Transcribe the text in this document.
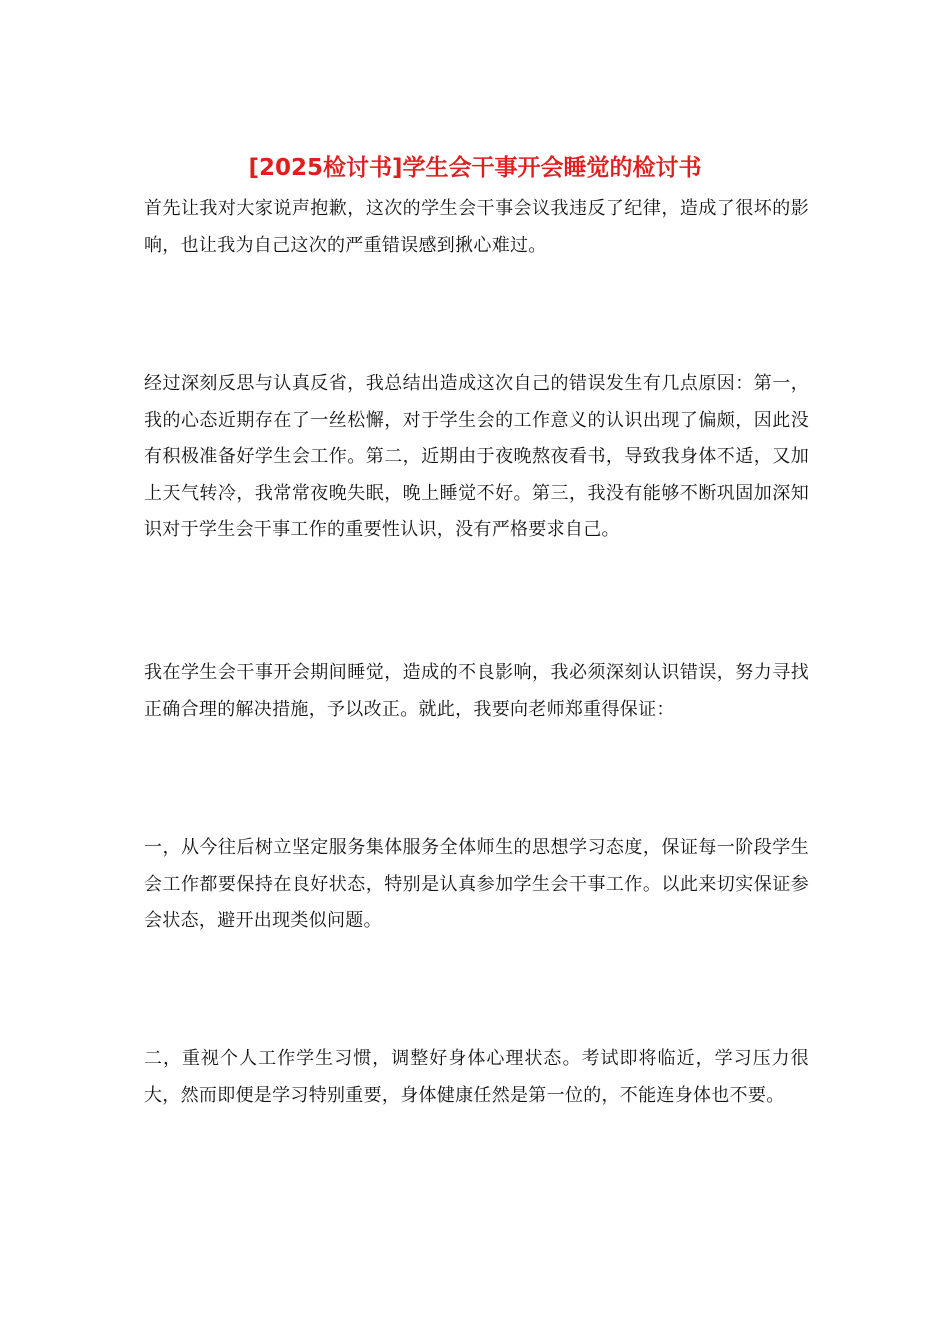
[2025检讨书]学生会干事开会睡觉的检讨书

首先让我对大家说声抱歉，这次的学生会干事会议我违反了纪律，造成了很坏的影响，也让我为自己这次的严重错误感到揪心难过。

经过深刻反思与认真反省，我总结出造成这次自己的错误发生有几点原因：第一，我的心态近期存在了一丝松懈，对于学生会的工作意义的认识出现了偏颇，因此没有积极准备好学生会工作。第二，近期由于夜晚熬夜看书，导致我身体不适，又加上天气转冷，我常常夜晚失眠，晚上睡觉不好。第三，我没有能够不断巩固加深知识对于学生会干事工作的重要性认识，没有严格要求自己。

我在学生会干事开会期间睡觉，造成的不良影响，我必须深刻认识错误，努力寻找正确合理的解决措施，予以改正。就此，我要向老师郑重得保证：

一，从今往后树立坚定服务集体服务全体师生的思想学习态度，保证每一阶段学生会工作都要保持在良好状态，特别是认真参加学生会干事工作。以此来切实保证参会状态，避开出现类似问题。

二，重视个人工作学生习惯，调整好身体心理状态。考试即将临近，学习压力很大，然而即便是学习特别重要，身体健康任然是第一位的，不能连身体也不要。
